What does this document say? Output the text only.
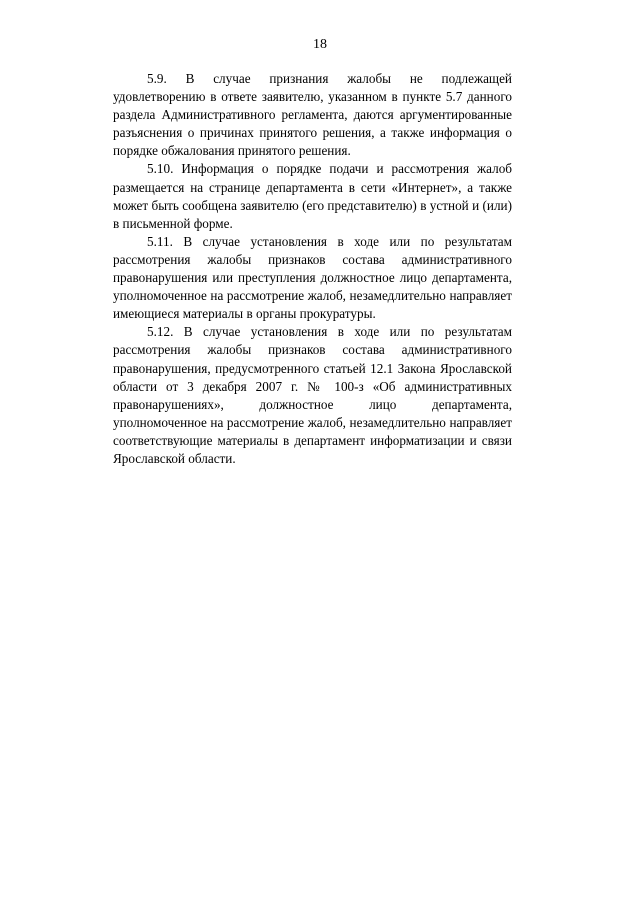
18

5.9. В случае признания жалобы не подлежащей удовлетворению в ответе заявителю, указанном в пункте 5.7 данного раздела Административного регламента, даются аргументированные разъяснения о причинах принятого решения, а также информация о порядке обжалования принятого решения.

5.10. Информация о порядке подачи и рассмотрения жалоб размещается на странице департамента в сети «Интернет», а также может быть сообщена заявителю (его представителю) в устной и (или) в письменной форме.

5.11. В случае установления в ходе или по результатам рассмотрения жалобы признаков состава административного правонарушения или преступления должностное лицо департамента, уполномоченное на рассмотрение жалоб, незамедлительно направляет имеющиеся материалы в органы прокуратуры.

5.12. В случае установления в ходе или по результатам рассмотрения жалобы признаков состава административного правонарушения, предусмотренного статьей 12.1 Закона Ярославской области от 3 декабря 2007 г. № 100-з «Об административных правонарушениях», должностное лицо департамента, уполномоченное на рассмотрение жалоб, незамедлительно направляет соответствующие материалы в департамент информатизации и связи Ярославской области.
